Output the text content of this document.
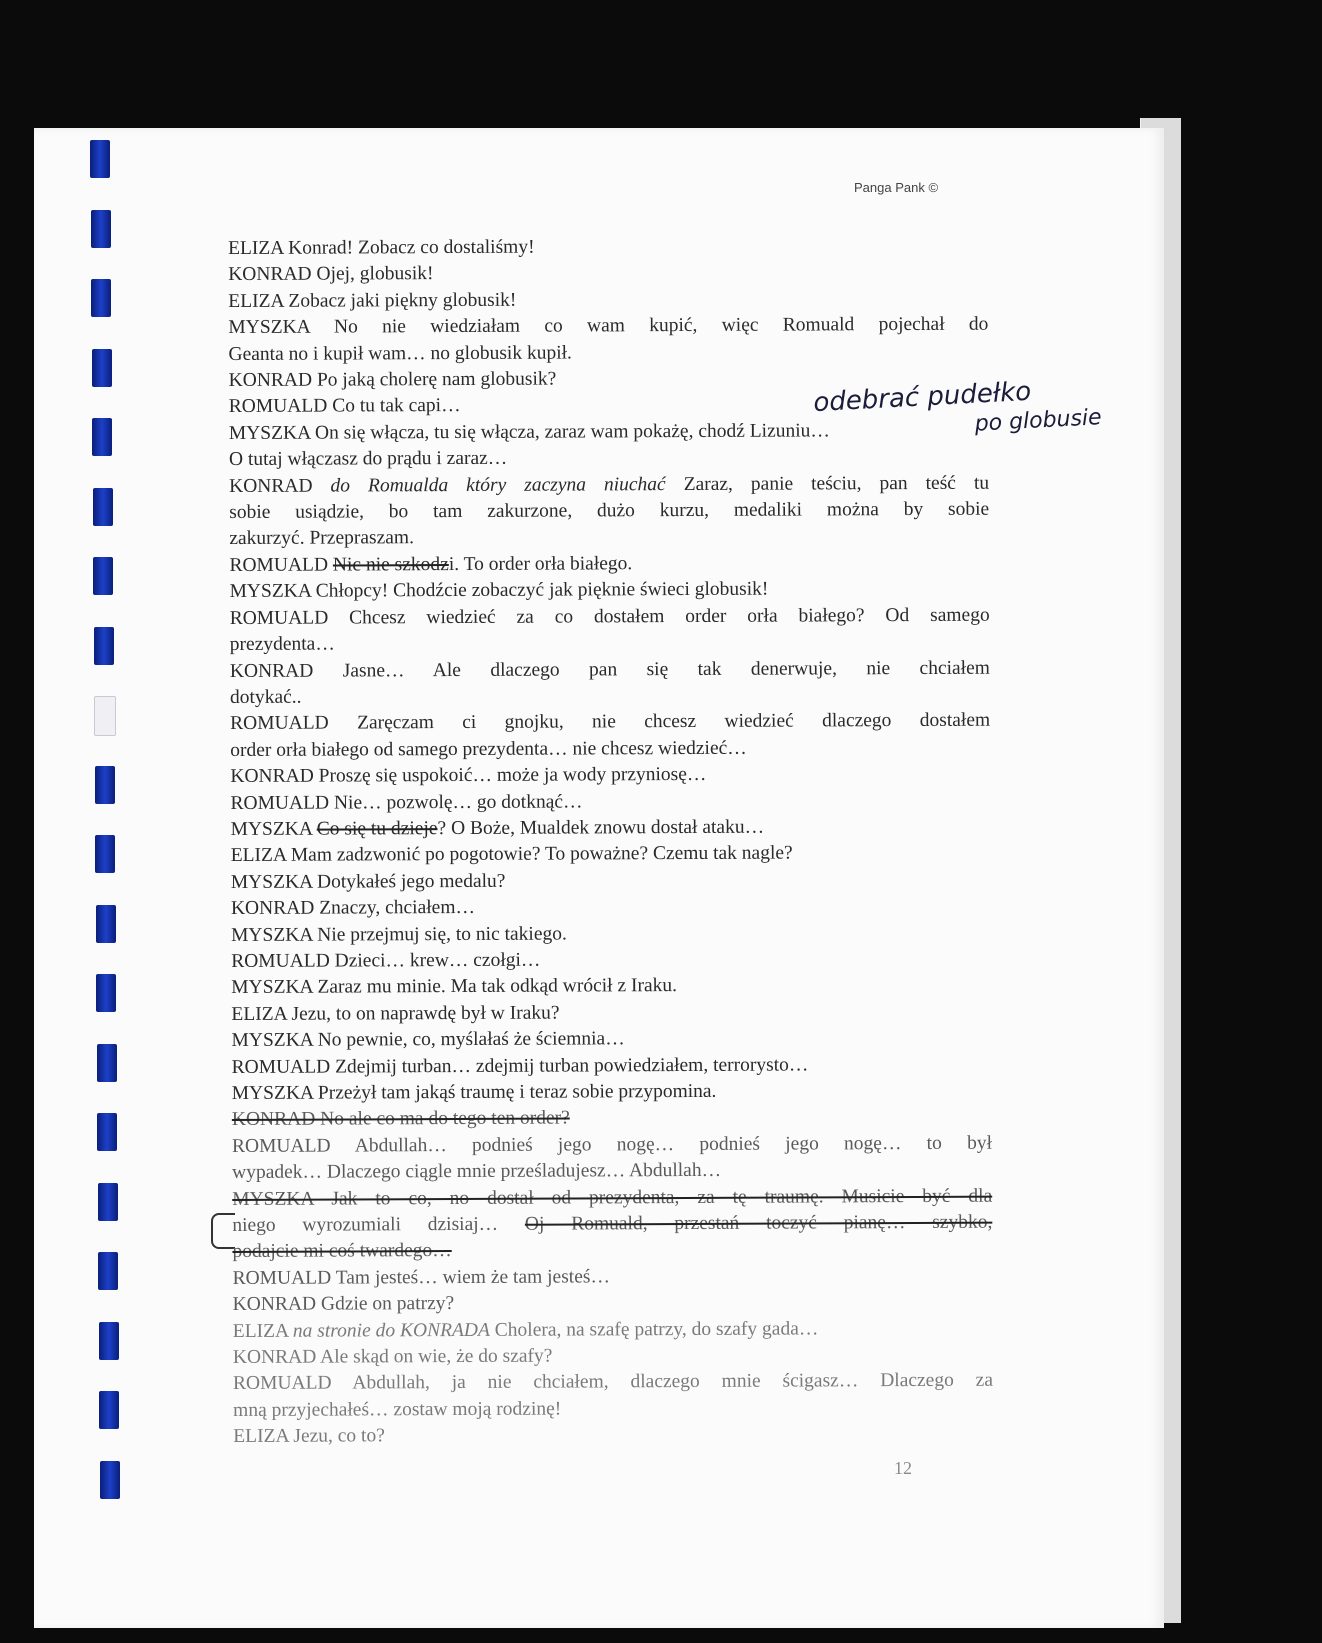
Panga Pank ©
odebrać pudełko
po globusie
ELIZA Konrad! Zobacz co dostaliśmy!
KONRAD Ojej, globusik!
ELIZA Zobacz jaki piękny globusik!
MYSZKA No nie wiedziałam co wam kupić, więc Romuald pojechał do
Geanta no i kupił wam… no globusik kupił.
KONRAD Po jaką cholerę nam globusik?
ROMUALD Co tu tak capi…
MYSZKA On się włącza, tu się włącza, zaraz wam pokażę, chodź Lizuniu…
O tutaj włączasz do prądu i zaraz…
KONRAD do Romualda który zaczyna niuchać Zaraz, panie teściu, pan teść tu
sobie usiądzie, bo tam zakurzone, dużo kurzu, medaliki można by sobie
zakurzyć. Przepraszam.
ROMUALD Nic nie szkodzi. To order orła białego.
MYSZKA Chłopcy! Chodźcie zobaczyć jak pięknie świeci globusik!
ROMUALD Chcesz wiedzieć za co dostałem order orła białego? Od samego
prezydenta…
KONRAD Jasne… Ale dlaczego pan się tak denerwuje, nie chciałem
dotykać..
ROMUALD Zaręczam ci gnojku, nie chcesz wiedzieć dlaczego dostałem
order orła białego od samego prezydenta… nie chcesz wiedzieć…
KONRAD Proszę się uspokoić… może ja wody przyniosę…
ROMUALD Nie… pozwolę… go dotknąć…
MYSZKA Co się tu dzieje? O Boże, Mualdek znowu dostał ataku…
ELIZA Mam zadzwonić po pogotowie? To poważne? Czemu tak nagle?
MYSZKA Dotykałeś jego medalu?
KONRAD Znaczy, chciałem…
MYSZKA Nie przejmuj się, to nic takiego.
ROMUALD Dzieci… krew… czołgi…
MYSZKA Zaraz mu minie. Ma tak odkąd wrócił z Iraku.
ELIZA Jezu, to on naprawdę był w Iraku?
MYSZKA No pewnie, co, myślałaś że ściemnia…
ROMUALD Zdejmij turban… zdejmij turban powiedziałem, terrorysto…
MYSZKA Przeżył tam jakąś traumę i teraz sobie przypomina.
KONRAD No ale co ma do tego ten order?
ROMUALD Abdullah… podnieś jego nogę… podnieś jego nogę… to był
wypadek… Dlaczego ciągle mnie prześladujesz… Abdullah…
MYSZKA Jak to co, no dostał od prezydenta, za tę traumę. Musicie być dla
niego wyrozumiali dzisiaj… Oj Romuald, przestań toczyć pianę… szybko,
podajcie mi coś twardego…
ROMUALD Tam jesteś… wiem że tam jesteś…
KONRAD Gdzie on patrzy?
ELIZA na stronie do KONRADA Cholera, na szafę patrzy, do szafy gada…
KONRAD Ale skąd on wie, że do szafy?
ROMUALD Abdullah, ja nie chciałem, dlaczego mnie ścigasz… Dlaczego za
mną przyjechałeś… zostaw moją rodzinę!
ELIZA Jezu, co to?
12
